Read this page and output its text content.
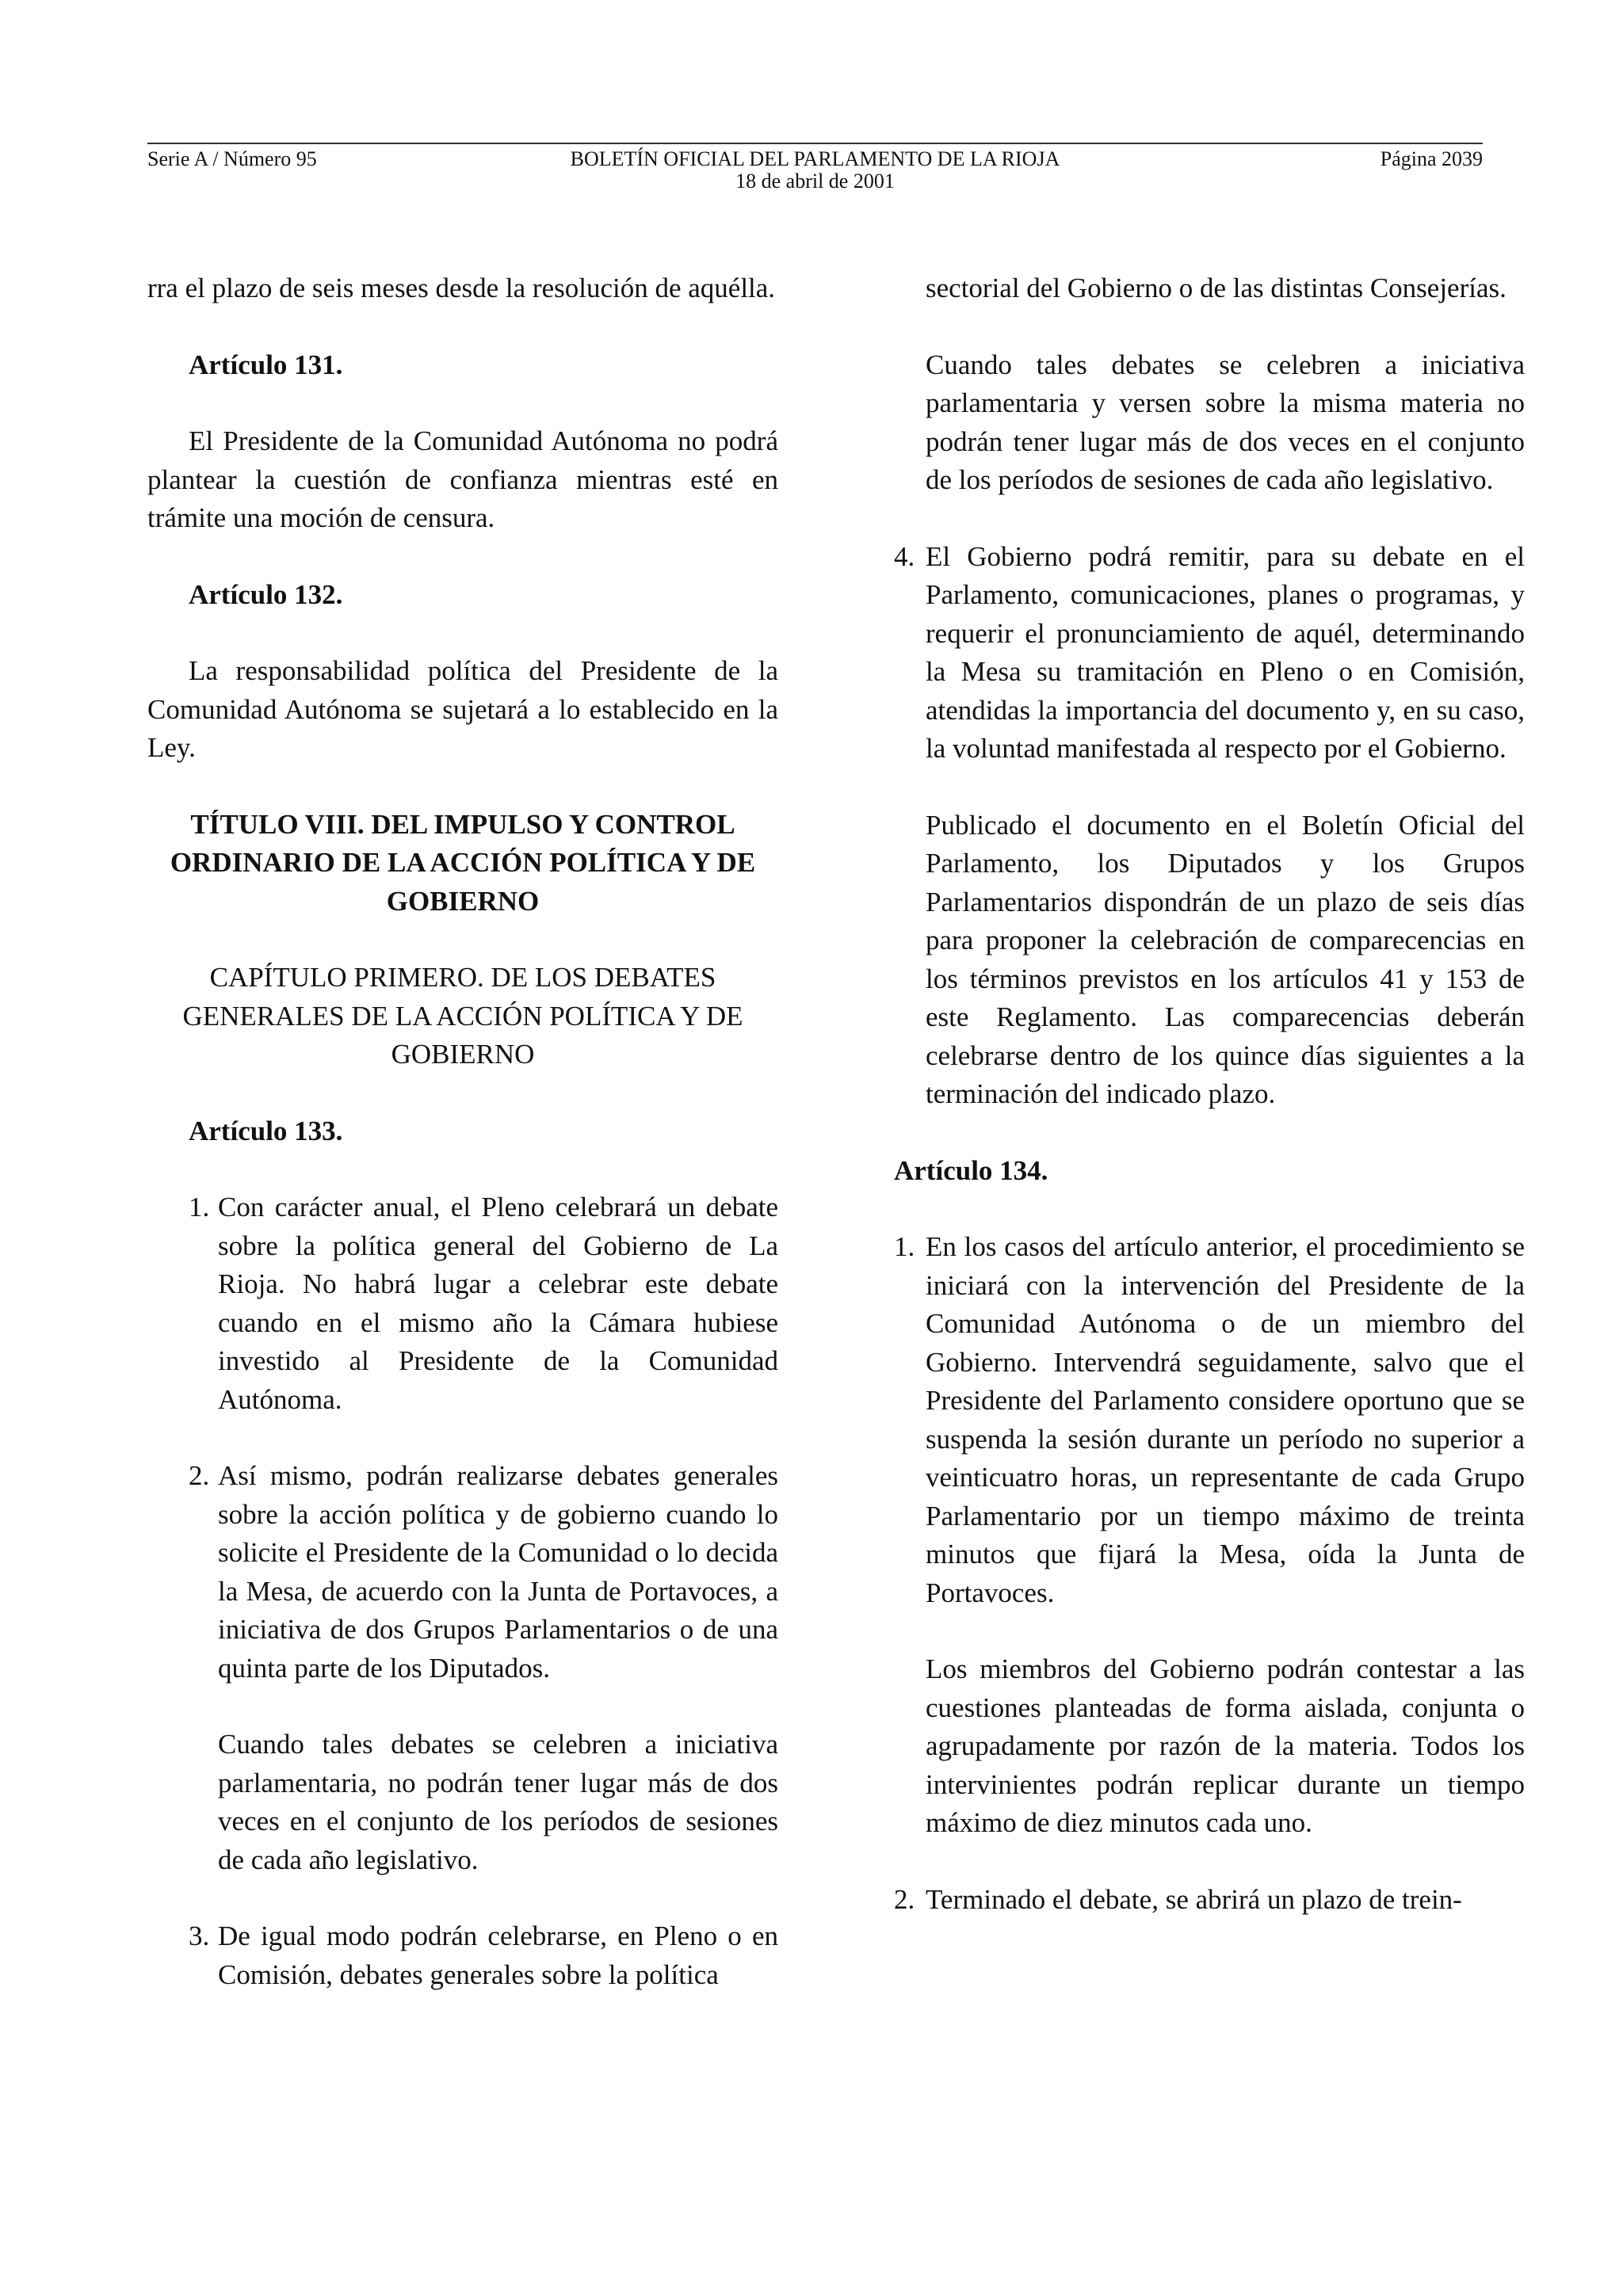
Serie A / Número 95	BOLETÍN OFICIAL DEL PARLAMENTO DE LA RIOJA	Página 2039
18 de abril de 2001

rra el plazo de seis meses desde la resolución de aquélla.

Artículo 131.

El Presidente de la Comunidad Autónoma no podrá plantear la cuestión de confianza mientras esté en trámite una moción de censura.

Artículo 132.

La responsabilidad política del Presidente de la Comunidad Autónoma se sujetará a lo establecido en la Ley.

TÍTULO VIII. DEL IMPULSO Y CONTROL ORDINARIO DE LA ACCIÓN POLÍTICA Y DE GOBIERNO

CAPÍTULO PRIMERO. DE LOS DEBATES GENERALES DE LA ACCIÓN POLÍTICA Y DE GOBIERNO

Artículo 133.

1. Con carácter anual, el Pleno celebrará un debate sobre la política general del Gobierno de La Rioja. No habrá lugar a celebrar este debate cuando en el mismo año la Cámara hubiese investido al Presidente de la Comunidad Autónoma.
2. Así mismo, podrán realizarse debates generales sobre la acción política y de gobierno cuando lo solicite el Presidente de la Comunidad o lo decida la Mesa, de acuerdo con la Junta de Portavoces, a iniciativa de dos Grupos Parlamentarios o de una quinta parte de los Diputados.

Cuando tales debates se celebren a iniciativa parlamentaria, no podrán tener lugar más de dos veces en el conjunto de los períodos de sesiones de cada año legislativo.

3. De igual modo podrán celebrarse, en Pleno o en Comisión, debates generales sobre la política

sectorial del Gobierno o de las distintas Consejerías.

Cuando tales debates se celebren a iniciativa parlamentaria y versen sobre la misma materia no podrán tener lugar más de dos veces en el conjunto de los períodos de sesiones de cada año legislativo.

4. El Gobierno podrá remitir, para su debate en el Parlamento, comunicaciones, planes o programas, y requerir el pronunciamiento de aquél, determinando la Mesa su tramitación en Pleno o en Comisión, atendidas la importancia del documento y, en su caso, la voluntad manifestada al respecto por el Gobierno.

Publicado el documento en el Boletín Oficial del Parlamento, los Diputados y los Grupos Parlamentarios dispondrán de un plazo de seis días para proponer la celebración de comparecencias en los términos previstos en los artículos 41 y 153 de este Reglamento. Las comparecencias deberán celebrarse dentro de los quince días siguientes a la terminación del indicado plazo.

Artículo 134.

1. En los casos del artículo anterior, el procedimiento se iniciará con la intervención del Presidente de la Comunidad Autónoma o de un miembro del Gobierno. Intervendrá seguidamente, salvo que el Presidente del Parlamento considere oportuno que se suspenda la sesión durante un período no superior a veinticuatro horas, un representante de cada Grupo Parlamentario por un tiempo máximo de treinta minutos que fijará la Mesa, oída la Junta de Portavoces.

Los miembros del Gobierno podrán contestar a las cuestiones planteadas de forma aislada, conjunta o agrupadamente por razón de la materia. Todos los intervinientes podrán replicar durante un tiempo máximo de diez minutos cada uno.

2. Terminado el debate, se abrirá un plazo de trein-
